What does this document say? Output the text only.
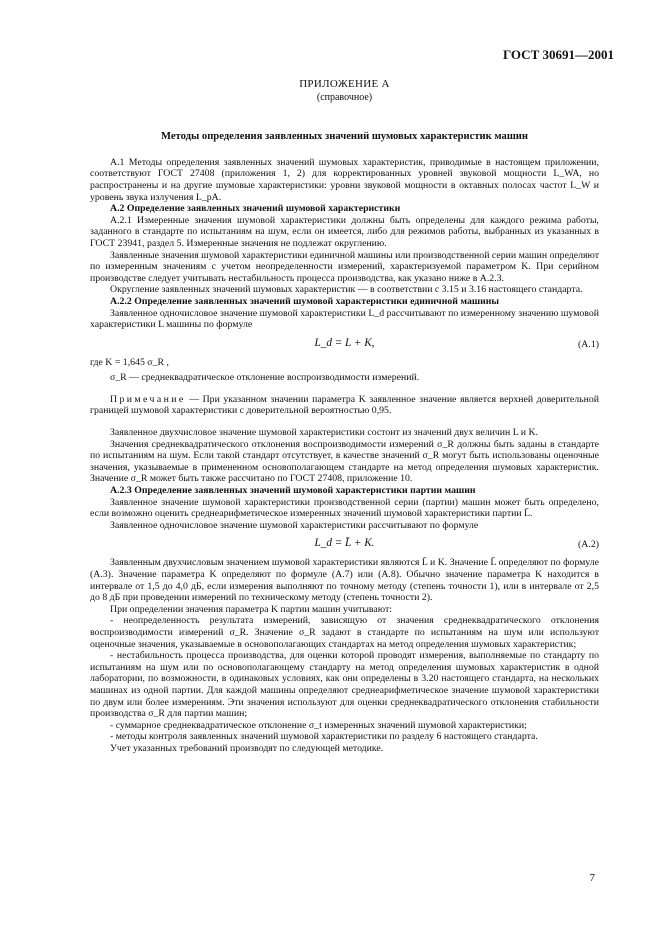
ГОСТ 30691—2001
ПРИЛОЖЕНИЕ А
(справочное)
Методы определения заявленных значений шумовых характеристик машин

А.1 Методы определения заявленных значений шумовых характеристик, приводимые в настоящем приложении, соответствуют ГОСТ 27408 (приложения 1, 2) для корректированных уровней звуковой мощности L_WA, но распространены и на другие шумовые характеристики: уровни звуковой мощности в октавных полосах частот L_W и уровень звука излучения L_pA.

А.2 Определение заявленных значений шумовой характеристики

А.2.1 Измеренные значения шумовой характеристики должны быть определены для каждого режима работы, заданного в стандарте по испытаниям на шум, если он имеется, либо для режимов работы, выбранных из указанных в ГОСТ 23941, раздел 5. Измеренные значения не подлежат округлению.

Заявленные значения шумовой характеристики единичной машины или производственной серии машин определяют по измеренным значениям с учетом неопределенности измерений, характеризуемой параметром K. При серийном производстве следует учитывать нестабильность процесса производства, как указано ниже в А.2.3.

Округление заявленных значений шумовых характеристик — в соответствии с 3.15 и 3.16 настоящего стандарта.

А.2.2 Определение заявленных значений шумовой характеристики единичной машины

Заявленное одночисловое значение шумовой характеристики L_d рассчитывают по измеренному значению шумовой характеристики L машины по формуле

L_d = L + K,	(А.1)

где K = 1,645 σ_R ,

σ_R — среднеквадратическое отклонение воспроизводимости измерений.

Примечание — При указанном значении параметра K заявленное значение является верхней доверительной границей шумовой характеристики с доверительной вероятностью 0,95.

Заявленное двухчисловое значение шумовой характеристики состоит из значений двух величин L и K.

Значения среднеквадратического отклонения воспроизводимости измерений σ_R должны быть заданы в стандарте по испытаниям на шум. Если такой стандарт отсутствует, в качестве значений σ_R могут быть использованы оценочные значения, указываемые в примененном основополагающем стандарте на метод определения шумовых характеристик. Значение σ_R может быть также рассчитано по ГОСТ 27408, приложение 10.

А.2.3 Определение заявленных значений шумовой характеристики партии машин

Заявленное значение шумовой характеристики производственной серии (партии) машин может быть определено, если возможно оценить среднеарифметическое измеренных значений шумовой характеристики партии L̄.

Заявленное одночисловое значение шумовой характеристики рассчитывают по формуле

L_d = L̄ + K.	(А.2)

Заявленным двухчисловым значением шумовой характеристики являются L̄ и K. Значение L̄ определяют по формуле (А.3). Значение параметра K определяют по формуле (А.7) или (А.8). Обычно значение параметра K находится в интервале от 1,5 до 4,0 дБ, если измерения выполняют по точному методу (степень точности 1), или в интервале от 2,5 до 8 дБ при проведении измерений по техническому методу (степень точности 2).

При определении значения параметра K партии машин учитывают:

- неопределенность результата измерений, зависящую от значения среднеквадратического отклонения воспроизводимости измерений σ_R. Значение σ_R задают в стандарте по испытаниям на шум или используют оценочные значения, указываемые в основополагающих стандартах на метод определения шумовых характеристик;

- нестабильность процесса производства, для оценки которой проводят измерения, выполняемые по стандарту по испытаниям на шум или по основополагающему стандарту на метод определения шумовых характеристик в одной лаборатории, по возможности, в одинаковых условиях, как они определены в 3.20 настоящего стандарта, на нескольких машинах из одной партии. Для каждой машины определяют среднеарифметическое значение шумовой характеристики по двум или более измерениям. Эти значения используют для оценки среднеквадратического отклонения стабильности производства σ_R для партии машин;

- суммарное среднеквадратическое отклонение σ_t измеренных значений шумовой характеристики;

- методы контроля заявленных значений шумовой характеристики по разделу 6 настоящего стандарта.

Учет указанных требований производят по следующей методике.

7
